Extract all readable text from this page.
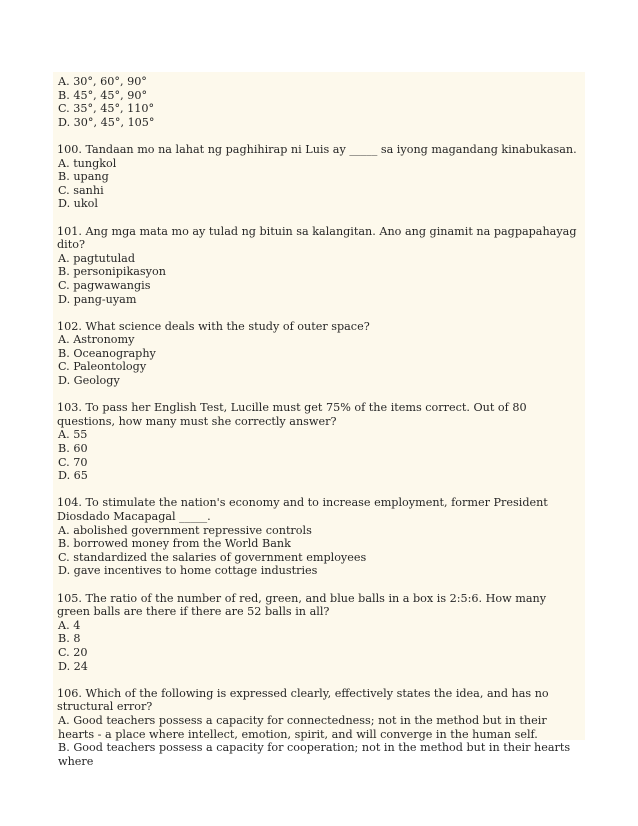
A. 30°, 60°, 90°
B. 45°, 45°, 90°
C. 35°, 45°, 110°
D. 30°, 45°, 105°
100. Tandaan mo na lahat ng paghihirap ni Luis ay _____ sa iyong magandang kinabukasan.
A. tungkol
B. upang
C. sanhi
D. ukol
101. Ang mga mata mo ay tulad ng bituin sa kalangitan. Ano ang ginamit na pagpapahayag dito?
A. pagtutulad
B. personipikasyon
C. pagwawangis
D. pang-uyam
102. What science deals with the study of outer space?
A. Astronomy
B. Oceanography
C. Paleontology
D. Geology
103. To pass her English Test, Lucille must get 75% of the items correct. Out of 80 questions, how many must she correctly answer?
A. 55
B. 60
C. 70
D. 65
104. To stimulate the nation's economy and to increase employment, former President Diosdado Macapagal _____.
A. abolished government repressive controls
B. borrowed money from the World Bank
C. standardized the salaries of government employees
D. gave incentives to home cottage industries
105. The ratio of the number of red, green, and blue balls in a box is 2:5:6. How many green balls are there if there are 52 balls in all?
A. 4
B. 8
C. 20
D. 24
106. Which of the following is expressed clearly, effectively states the idea, and has no structural error?
A. Good teachers possess a capacity for connectedness; not in the method but in their hearts - a place where intellect, emotion, spirit, and will converge in the human self.
B. Good teachers possess a capacity for cooperation; not in the method but in their hearts where
